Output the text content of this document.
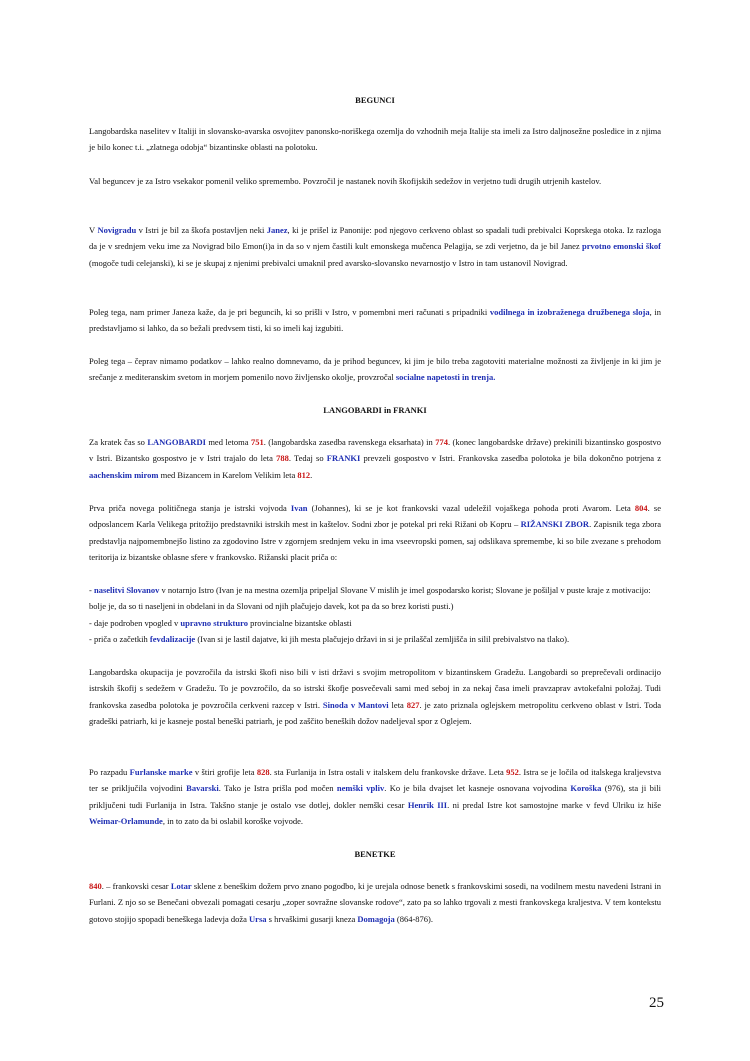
BEGUNCI
Langobardska naselitev v Italiji in slovansko-avarska osvojitev panonsko-noriškega ozemlja do vzhodnih meja Italije sta imeli za Istro daljnosežne posledice in z njima je bilo konec t.i. „zlatnega odobja“ bizantinske oblasti na polotoku.
Val beguncev je za Istro vsekakor pomenil veliko spremembo. Povzročil je nastanek novih škofijskih sedežov in verjetno tudi drugih utrjenih kastelov.
V Novigradu v Istri je bil za škofa postavljen neki Janez, ki je prišel iz Panonije: pod njegovo cerkveno oblast so spadali tudi prebivalci Koprskega otoka. Iz razloga da je v srednjem veku ime za Novigrad bilo Emon(i)a in da so v njem častili kult emonskega mučenca Pelagija, se zdi verjetno, da je bil Janez prvotno emonski škof (mogoče tudi celejanski), ki se je skupaj z njenimi prebivalci umaknil pred avarsko-slovansko nevarnostjo v Istro in tam ustanovil Novigrad.
Poleg tega, nam primer Janeza kaže, da je pri beguncih, ki so prišli v Istro, v pomembni meri računati s pripadniki vodilnega in izobraženega družbenega sloja, in predstavljamo si lahko, da so bežali predvsem tisti, ki so imeli kaj izgubiti.
Poleg tega – čeprav nimamo podatkov – lahko realno domnevamo, da je prihod beguncev, ki jim je bilo treba zagotoviti materialne možnosti za življenje in ki jim je srečanje z mediteranskim svetom in morjem pomenilo novo življensko okolje, provzročal socialne napetosti in trenja.
LANGOBARDI in FRANKI
Za kratek čas so LANGOBARDI med letoma 751. (langobardska zasedba ravenskega eksarhata) in 774. (konec langobardske države) prekinili bizantinsko gospostvo v Istri. Bizantsko gospostvo je v Istri trajalo do leta 788. Tedaj so FRANKI prevzeli gospostvo v Istri. Frankovska zasedba polotoka je bila dokončno potrjena z aachenskim mirom med Bizancem in Karelom Velikim leta 812.
Prva priča novega političnega stanja je istrski vojvoda Ivan (Johannes), ki se je kot frankovski vazal udeležil vojaškega pohoda proti Avarom. Leta 804. se odposlancem Karla Velikega pritožijo predstavniki istrskih mest in kaštelov. Sodni zbor je potekal pri reki Rižani ob Kopru – RIŽANSKI ZBOR. Zapisnik tega zbora predstavlja najpomembnejšo listino za zgodovino Istre v zgornjem srednjem veku in ima vseevropski pomen, saj odslikava spremembe, ki so bile zvezane s prehodom teritorija iz bizantske oblasne sfere v frankovsko. Rižanski placit priča o:
- naselitvi Slovanov v notarnjo Istro (Ivan je na mestna ozemlja pripeljal Slovane V mislih je imel gospodarsko korist; Slovane je pošiljal v puste kraje z motivacijo: bolje je, da so ti naseljeni in obdelani in da Slovani od njih plačujejo davek, kot pa da so brez koristi pusti.)
- daje podroben vpogled v upravno strukturo provincialne bizantske oblasti
- priča o začetkih fevdalizacije (Ivan si je lastil dajatve, ki jih mesta plačujejo državi in si je prilaščal zemljišča in silil prebivalstvo na tlako).
Langobardska okupacija je povzročila da istrski škofi niso bili v isti državi s svojim metropolitom v bizantinskem Gradežu. Langobardi so preprečevali ordinacijo istrskih škofij s sedežem v Gradežu. To je povzročilo, da so istrski škofje posvečevali sami med seboj in za nekaj časa imeli pravzaprav avtokefalni položaj. Tudi frankovska zasedba polotoka je povzročila cerkveni razcep v Istri. Sinoda v Mantovi leta 827. je zato priznala oglejskem metropolitu cerkveno oblast v Istri. Toda gradeški patriarh, ki je kasneje postal beneški patriarh, je pod zaščito beneških dožov nadeljeval spor z Oglejem.
Po razpadu Furlanske marke v štiri grofije leta 828. sta Furlanija in Istra ostali v italskem delu frankovske države. Leta 952. Istra se je ločila od italskega kraljevstva ter se priključila vojvodini Bavarski. Tako je Istra prišla pod močen nemški vpliv. Ko je bila dvajset let kasneje osnovana vojvodina Koroška (976), sta ji bili priključeni tudi Furlanija in Istra. Takšno stanje je ostalo vse dotlej, dokler nemški cesar Henrik III. ni predal Istre kot samostojne marke v fevd Ulriku iz hiše Weimar-Orlamunde, in to zato da bi oslabil koroške vojvode.
BENETKE
840. – frankovski cesar Lotar sklene z beneškim dožem prvo znano pogodbo, ki je urejala odnose benetk s frankovskimi sosedi, na vodilnem mestu navedeni Istrani in Furlani. Z njo so se Benečani obvezali pomagati cesarju „zoper sovražne slovanske rodove“, zato pa so lahko trgovali z mesti frankovskega kraljestva. V tem kontekstu gotovo stojijo spopadi beneškega ladevja doža Ursa s hrvaškimi gusarji kneza Domagoja (864-876).
25
